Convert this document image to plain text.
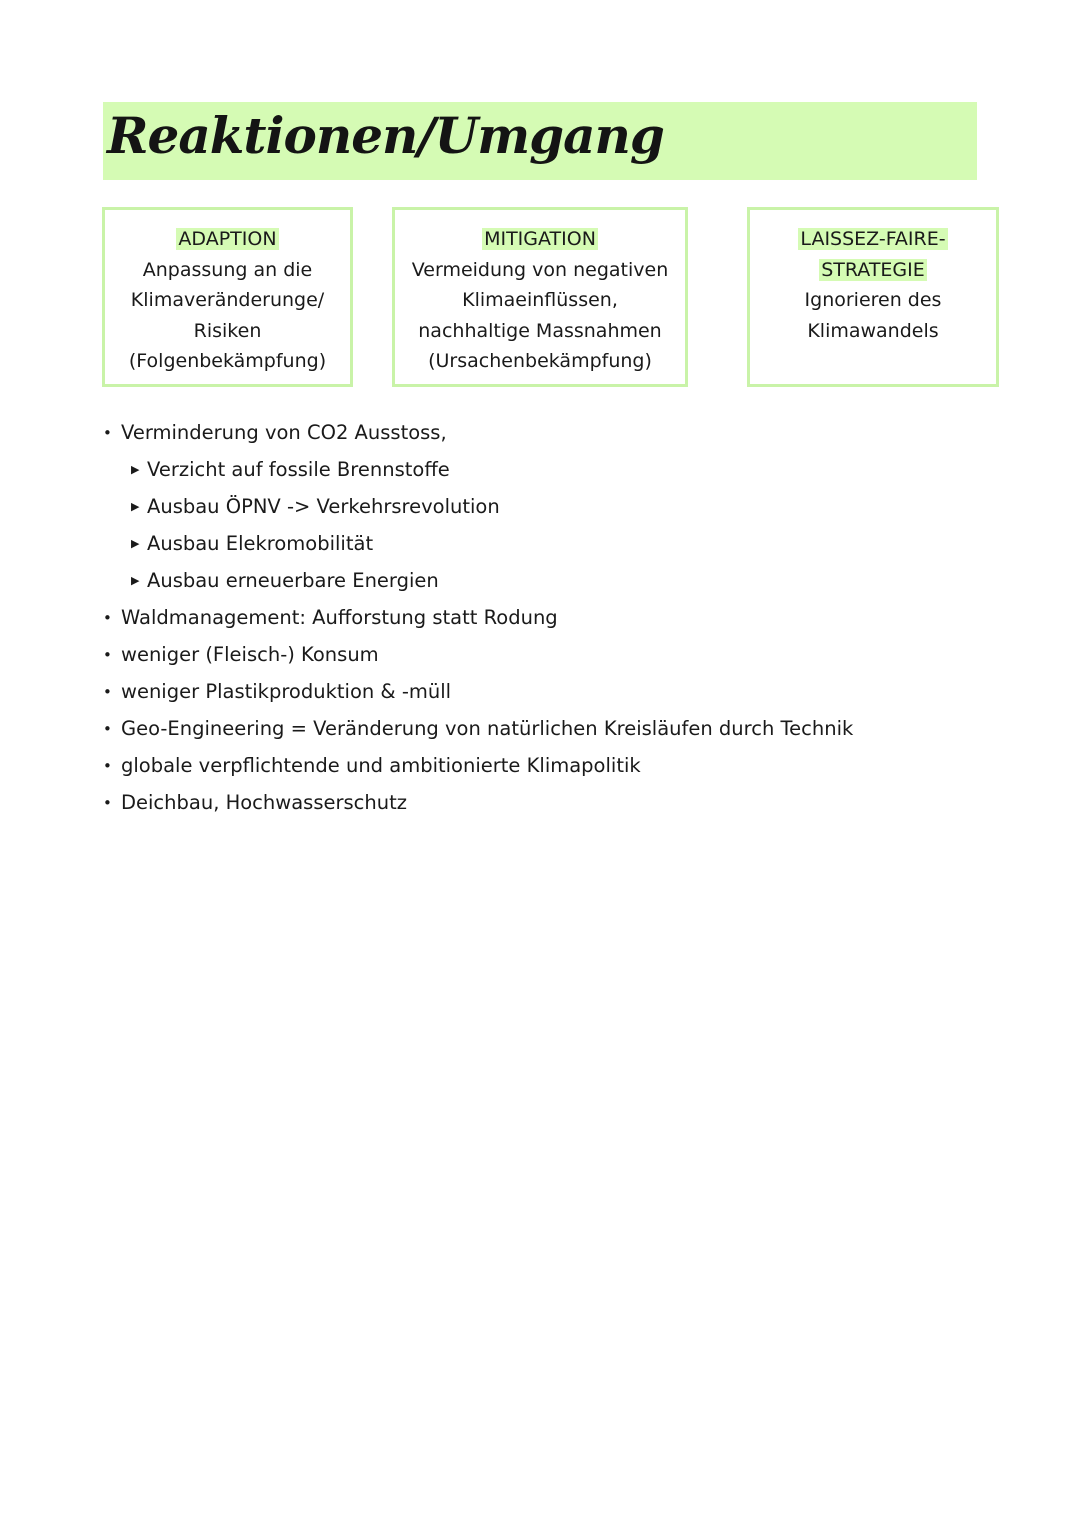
Reaktionen/Umgang
ADAPTION
Anpassung an die
Klimaveränderunge/
Risiken
(Folgenbekämpfung)
MITIGATION
Vermeidung von negativen
Klimaeinflüssen,
nachhaltige Massnahmen
(Ursachenbekämpfung)
LAISSEZ-FAIRE-
STRATEGIE
Ignorieren des
Klimawandels
• Verminderung von CO2 Ausstoss,
▶ Verzicht auf fossile Brennstoffe
▶ Ausbau ÖPNV -> Verkehrsrevolution
▶ Ausbau Elekromobilität
▶ Ausbau erneuerbare Energien
• Waldmanagement: Aufforstung statt Rodung
• weniger (Fleisch-) Konsum
• weniger Plastikproduktion & -müll
• Geo-Engineering = Veränderung von natürlichen Kreisläufen durch Technik
• globale verpflichtende und ambitionierte Klimapolitik
• Deichbau, Hochwasserschutz
